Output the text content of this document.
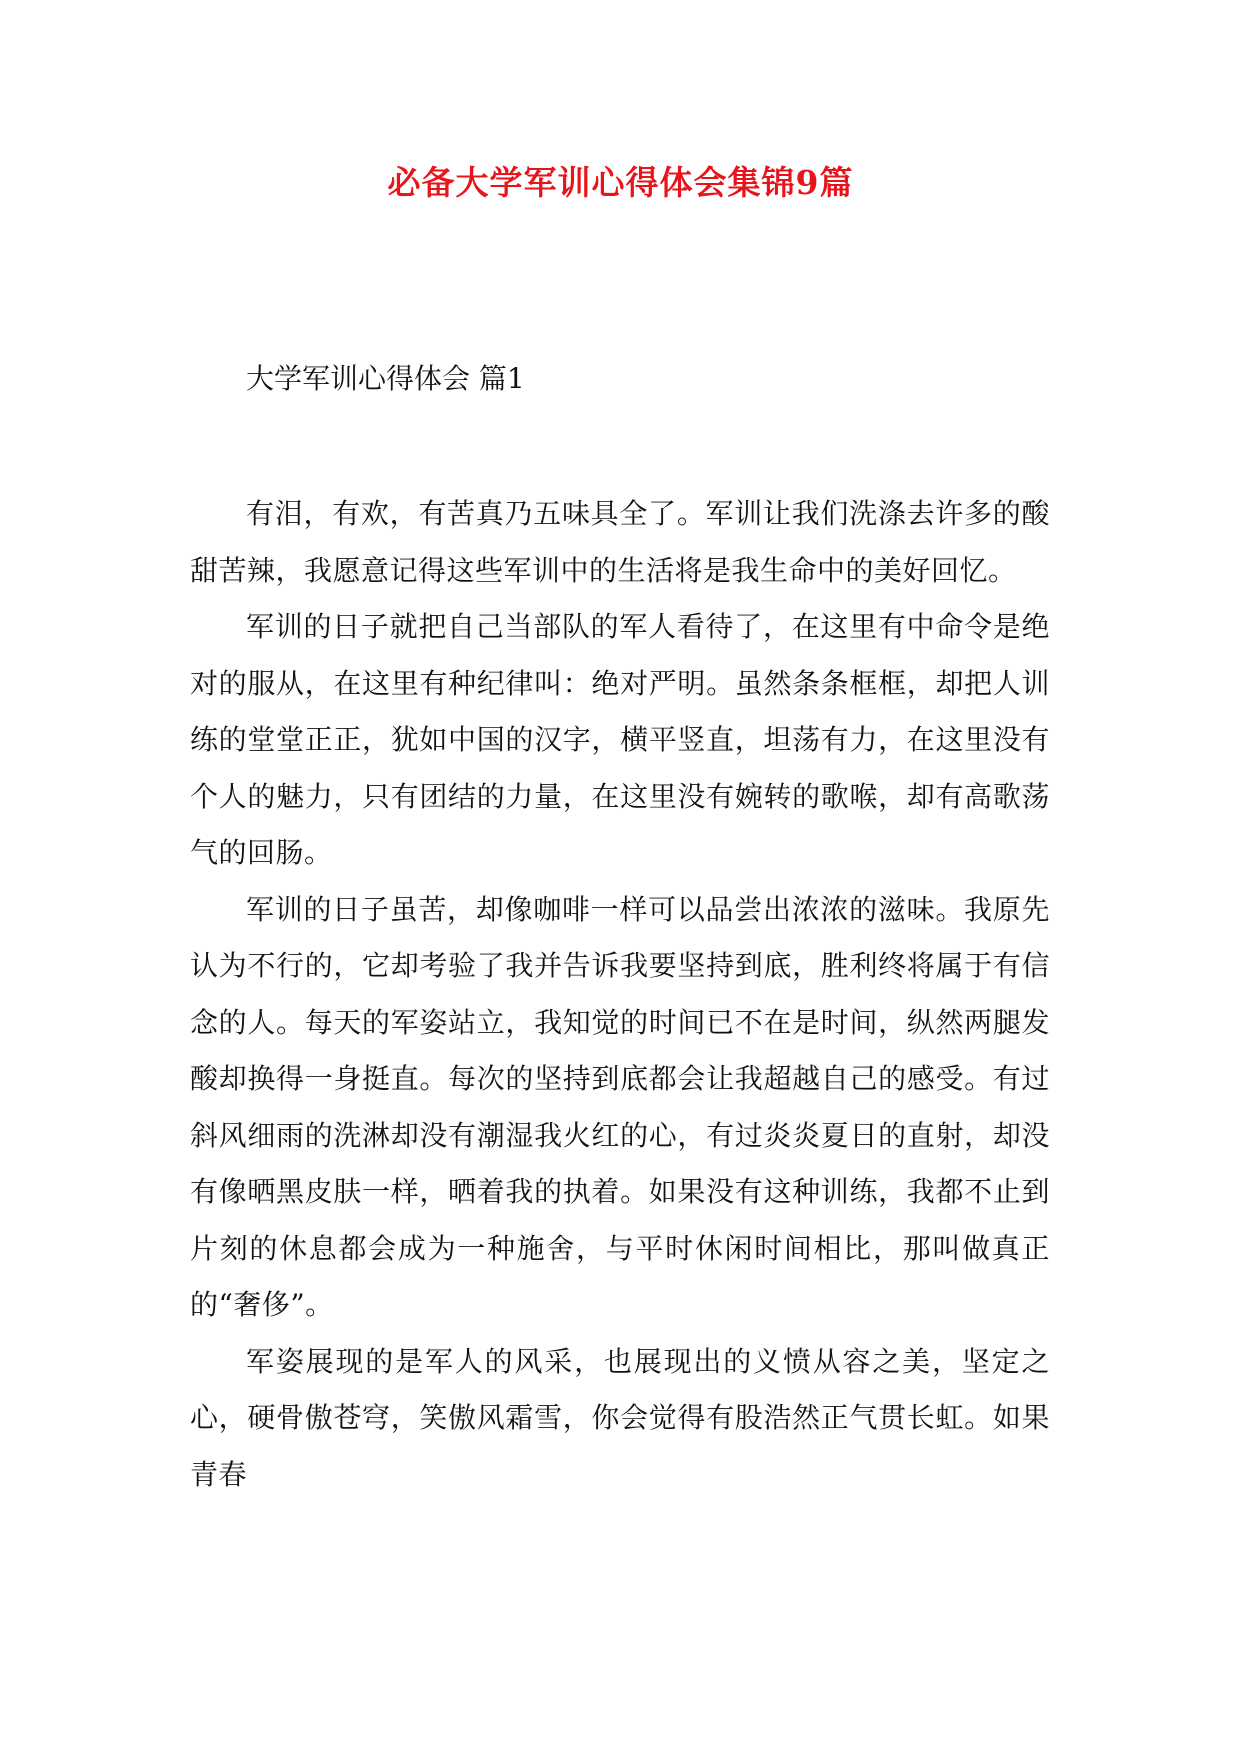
必备大学军训心得体会集锦9篇
大学军训心得体会 篇1

有泪，有欢，有苦真乃五味具全了。军训让我们洗涤去许多的酸甜苦辣，我愿意记得这些军训中的生活将是我生命中的美好回忆。

军训的日子就把自己当部队的军人看待了，在这里有中命令是绝对的服从，在这里有种纪律叫：绝对严明。虽然条条框框，却把人训练的堂堂正正，犹如中国的汉字，横平竖直，坦荡有力，在这里没有个人的魅力，只有团结的力量，在这里没有婉转的歌喉，却有高歌荡气的回肠。

军训的日子虽苦，却像咖啡一样可以品尝出浓浓的滋味。我原先认为不行的，它却考验了我并告诉我要坚持到底，胜利终将属于有信念的人。每天的军姿站立，我知觉的时间已不在是时间，纵然两腿发酸却换得一身挺直。每次的坚持到底都会让我超越自己的感受。有过斜风细雨的洗淋却没有潮湿我火红的心，有过炎炎夏日的直射，却没有像晒黑皮肤一样，晒着我的执着。如果没有这种训练，我都不止到片刻的休息都会成为一种施舍，与平时休闲时间相比，那叫做真正的“奢侈”。

军姿展现的是军人的风采，也展现出的义愤从容之美，坚定之心，硬骨傲苍穹，笑傲风霜雪，你会觉得有股浩然正气贯长虹。如果青春
